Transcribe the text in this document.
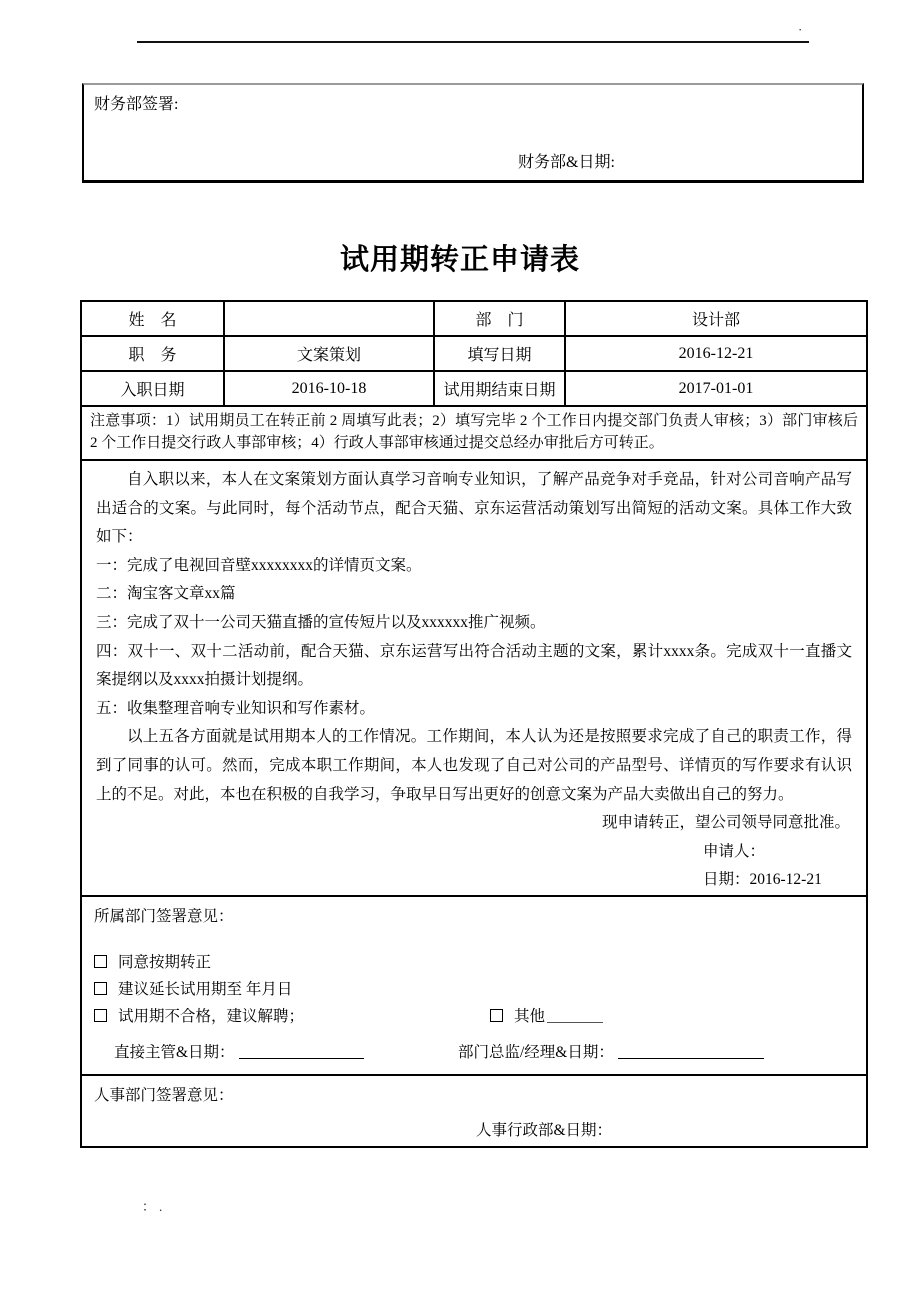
·
财务部签署:
财务部&日期:
试用期转正申请表
姓　名		部　门	设计部
职　务	文案策划	填写日期	2016-12-21
入职日期	2016-10-18	试用期结束日期	2017-01-01
注意事项：1）试用期员工在转正前 2 周填写此表；2）填写完毕 2 个工作日内提交部门负责人审核；3）部门审核后 2 个工作日提交行政人事部审核；4）行政人事部审核通过提交总经办审批后方可转正。			

自入职以来，本人在文案策划方面认真学习音响专业知识，了解产品竞争对手竞品，针对公司音响产品写出适合的文案。与此同时，每个活动节点，配合天猫、京东运营活动策划写出简短的活动文案。具体工作大致如下：

一：完成了电视回音壁xxxxxxxx的详情页文案。

二：淘宝客文章xx篇

三：完成了双十一公司天猫直播的宣传短片以及xxxxxx推广视频。

四：双十一、双十二活动前，配合天猫、京东运营写出符合活动主题的文案，累计xxxx条。完成双十一直播文案提纲以及xxxx拍摄计划提纲。

五：收集整理音响专业知识和写作素材。

以上五各方面就是试用期本人的工作情况。工作期间，本人认为还是按照要求完成了自己的职责工作，得到了同事的认可。然而，完成本职工作期间，本人也发现了自己对公司的产品型号、详情页的写作要求有认识上的不足。对此，本也在积极的自我学习，争取早日写出更好的创意文案为产品大卖做出自己的努力。

现申请转正，望公司领导同意批准。

申请人：

日期：2016-12-21

所属部门签署意见：
同意按期转正
建议延长试用期至 年月日
试用期不合格，建议解聘；	其他
直接主管&日期：	部门总监/经理&日期：

人事部门签署意见：
人事行政部&日期：			
：.
